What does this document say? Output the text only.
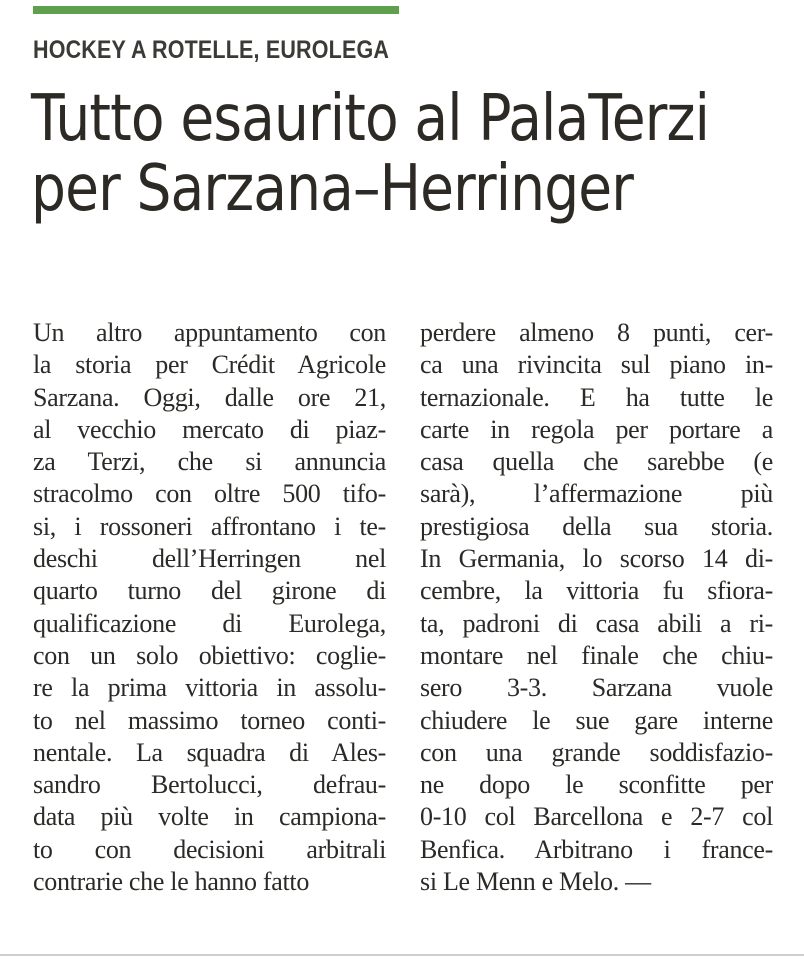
HOCKEY A ROTELLE, EUROLEGA
Tutto esaurito al PalaTerzi
per Sarzana–Herringer
Un altro appuntamento con
la storia per Crédit Agricole
Sarzana. Oggi, dalle ore 21,
al vecchio mercato di piaz-
za Terzi, che si annuncia
stracolmo con oltre 500 tifo-
si, i rossoneri affrontano i te-
deschi dell’Herringen nel
quarto turno del girone di
qualificazione di Eurolega,
con un solo obiettivo: coglie-
re la prima vittoria in assolu-
to nel massimo torneo conti-
nentale. La squadra di Ales-
sandro Bertolucci, defrau-
data più volte in campiona-
to con decisioni arbitrali
contrarie che le hanno fatto
perdere almeno 8 punti, cer-
ca una rivincita sul piano in-
ternazionale. E ha tutte le
carte in regola per portare a
casa quella che sarebbe (e
sarà), l’affermazione più
prestigiosa della sua storia.
In Germania, lo scorso 14 di-
cembre, la vittoria fu sfiora-
ta, padroni di casa abili a ri-
montare nel finale che chiu-
sero 3-3. Sarzana vuole
chiudere le sue gare interne
con una grande soddisfazio-
ne dopo le sconfitte per
0-10 col Barcellona e 2-7 col
Benfica. Arbitrano i france-
si Le Menn e Melo. —
